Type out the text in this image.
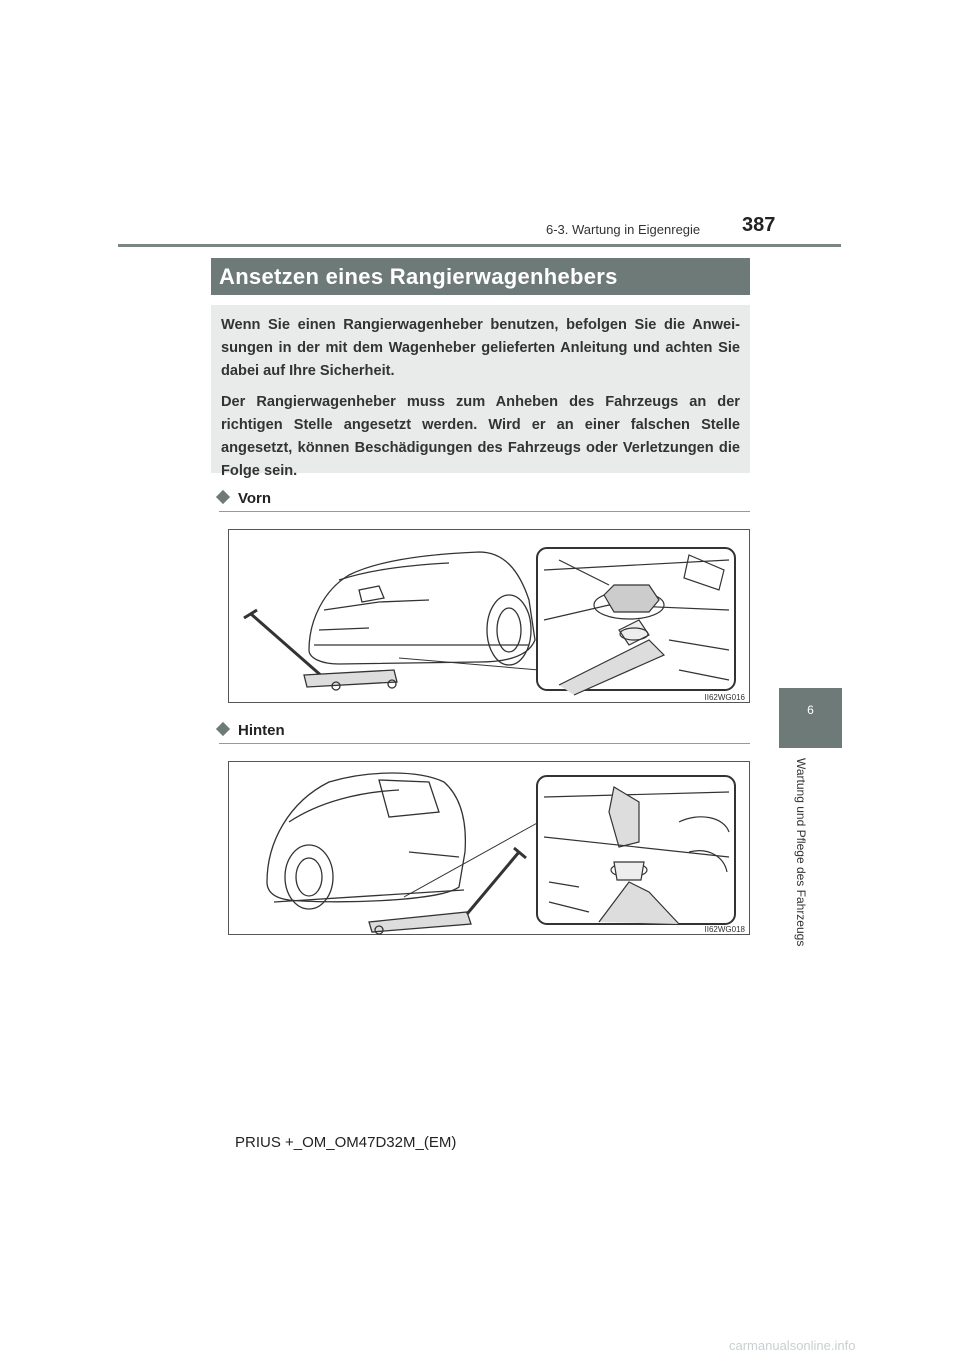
6-3. Wartung in Eigenregie 387
6
Wartung und Pflege des Fahrzeugs
Ansetzen eines Rangierwagenhebers

Wenn Sie einen Rangierwagenheber benutzen, befolgen Sie die Anwei-sungen in der mit dem Wagenheber gelieferten Anleitung und achten Sie dabei auf Ihre Sicherheit.

Der Rangierwagenheber muss zum Anheben des Fahrzeugs an der richtigen Stelle angesetzt werden. Wird er an einer falschen Stelle angesetzt, können Beschädigungen des Fahrzeugs oder Verletzungen die Folge sein.

Vorn
II62WG016
Hinten
II62WG018
PRIUS +_OM_OM47D32M_(EM)
carmanualsonline.info
